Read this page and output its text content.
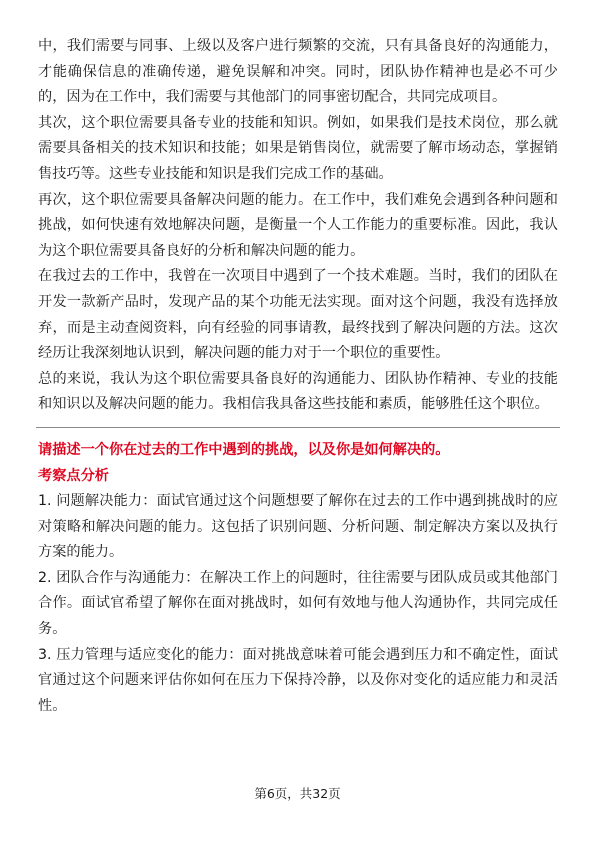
中，我们需要与同事、上级以及客户进行频繁的交流，只有具备良好的沟通能力，才能确保信息的准确传递，避免误解和冲突。同时，团队协作精神也是必不可少的，因为在工作中，我们需要与其他部门的同事密切配合，共同完成项目。

其次，这个职位需要具备专业的技能和知识。例如，如果我们是技术岗位，那么就需要具备相关的技术知识和技能；如果是销售岗位，就需要了解市场动态，掌握销售技巧等。这些专业技能和知识是我们完成工作的基础。

再次，这个职位需要具备解决问题的能力。在工作中，我们难免会遇到各种问题和挑战，如何快速有效地解决问题，是衡量一个人工作能力的重要标准。因此，我认为这个职位需要具备良好的分析和解决问题的能力。

在我过去的工作中，我曾在一次项目中遇到了一个技术难题。当时，我们的团队在开发一款新产品时，发现产品的某个功能无法实现。面对这个问题，我没有选择放弃，而是主动查阅资料，向有经验的同事请教，最终找到了解决问题的方法。这次经历让我深刻地认识到，解决问题的能力对于一个职位的重要性。

总的来说，我认为这个职位需要具备良好的沟通能力、团队协作精神、专业的技能和知识以及解决问题的能力。我相信我具备这些技能和素质，能够胜任这个职位。

请描述一个你在过去的工作中遇到的挑战，以及你是如何解决的。

考察点分析

1. 问题解决能力：面试官通过这个问题想要了解你在过去的工作中遇到挑战时的应对策略和解决问题的能力。这包括了识别问题、分析问题、制定解决方案以及执行方案的能力。

2. 团队合作与沟通能力：在解决工作上的问题时，往往需要与团队成员或其他部门合作。面试官希望了解你在面对挑战时，如何有效地与他人沟通协作，共同完成任务。

3. 压力管理与适应变化的能力：面对挑战意味着可能会遇到压力和不确定性，面试官通过这个问题来评估你如何在压力下保持冷静，以及你对变化的适应能力和灵活性。

第6页，共32页
